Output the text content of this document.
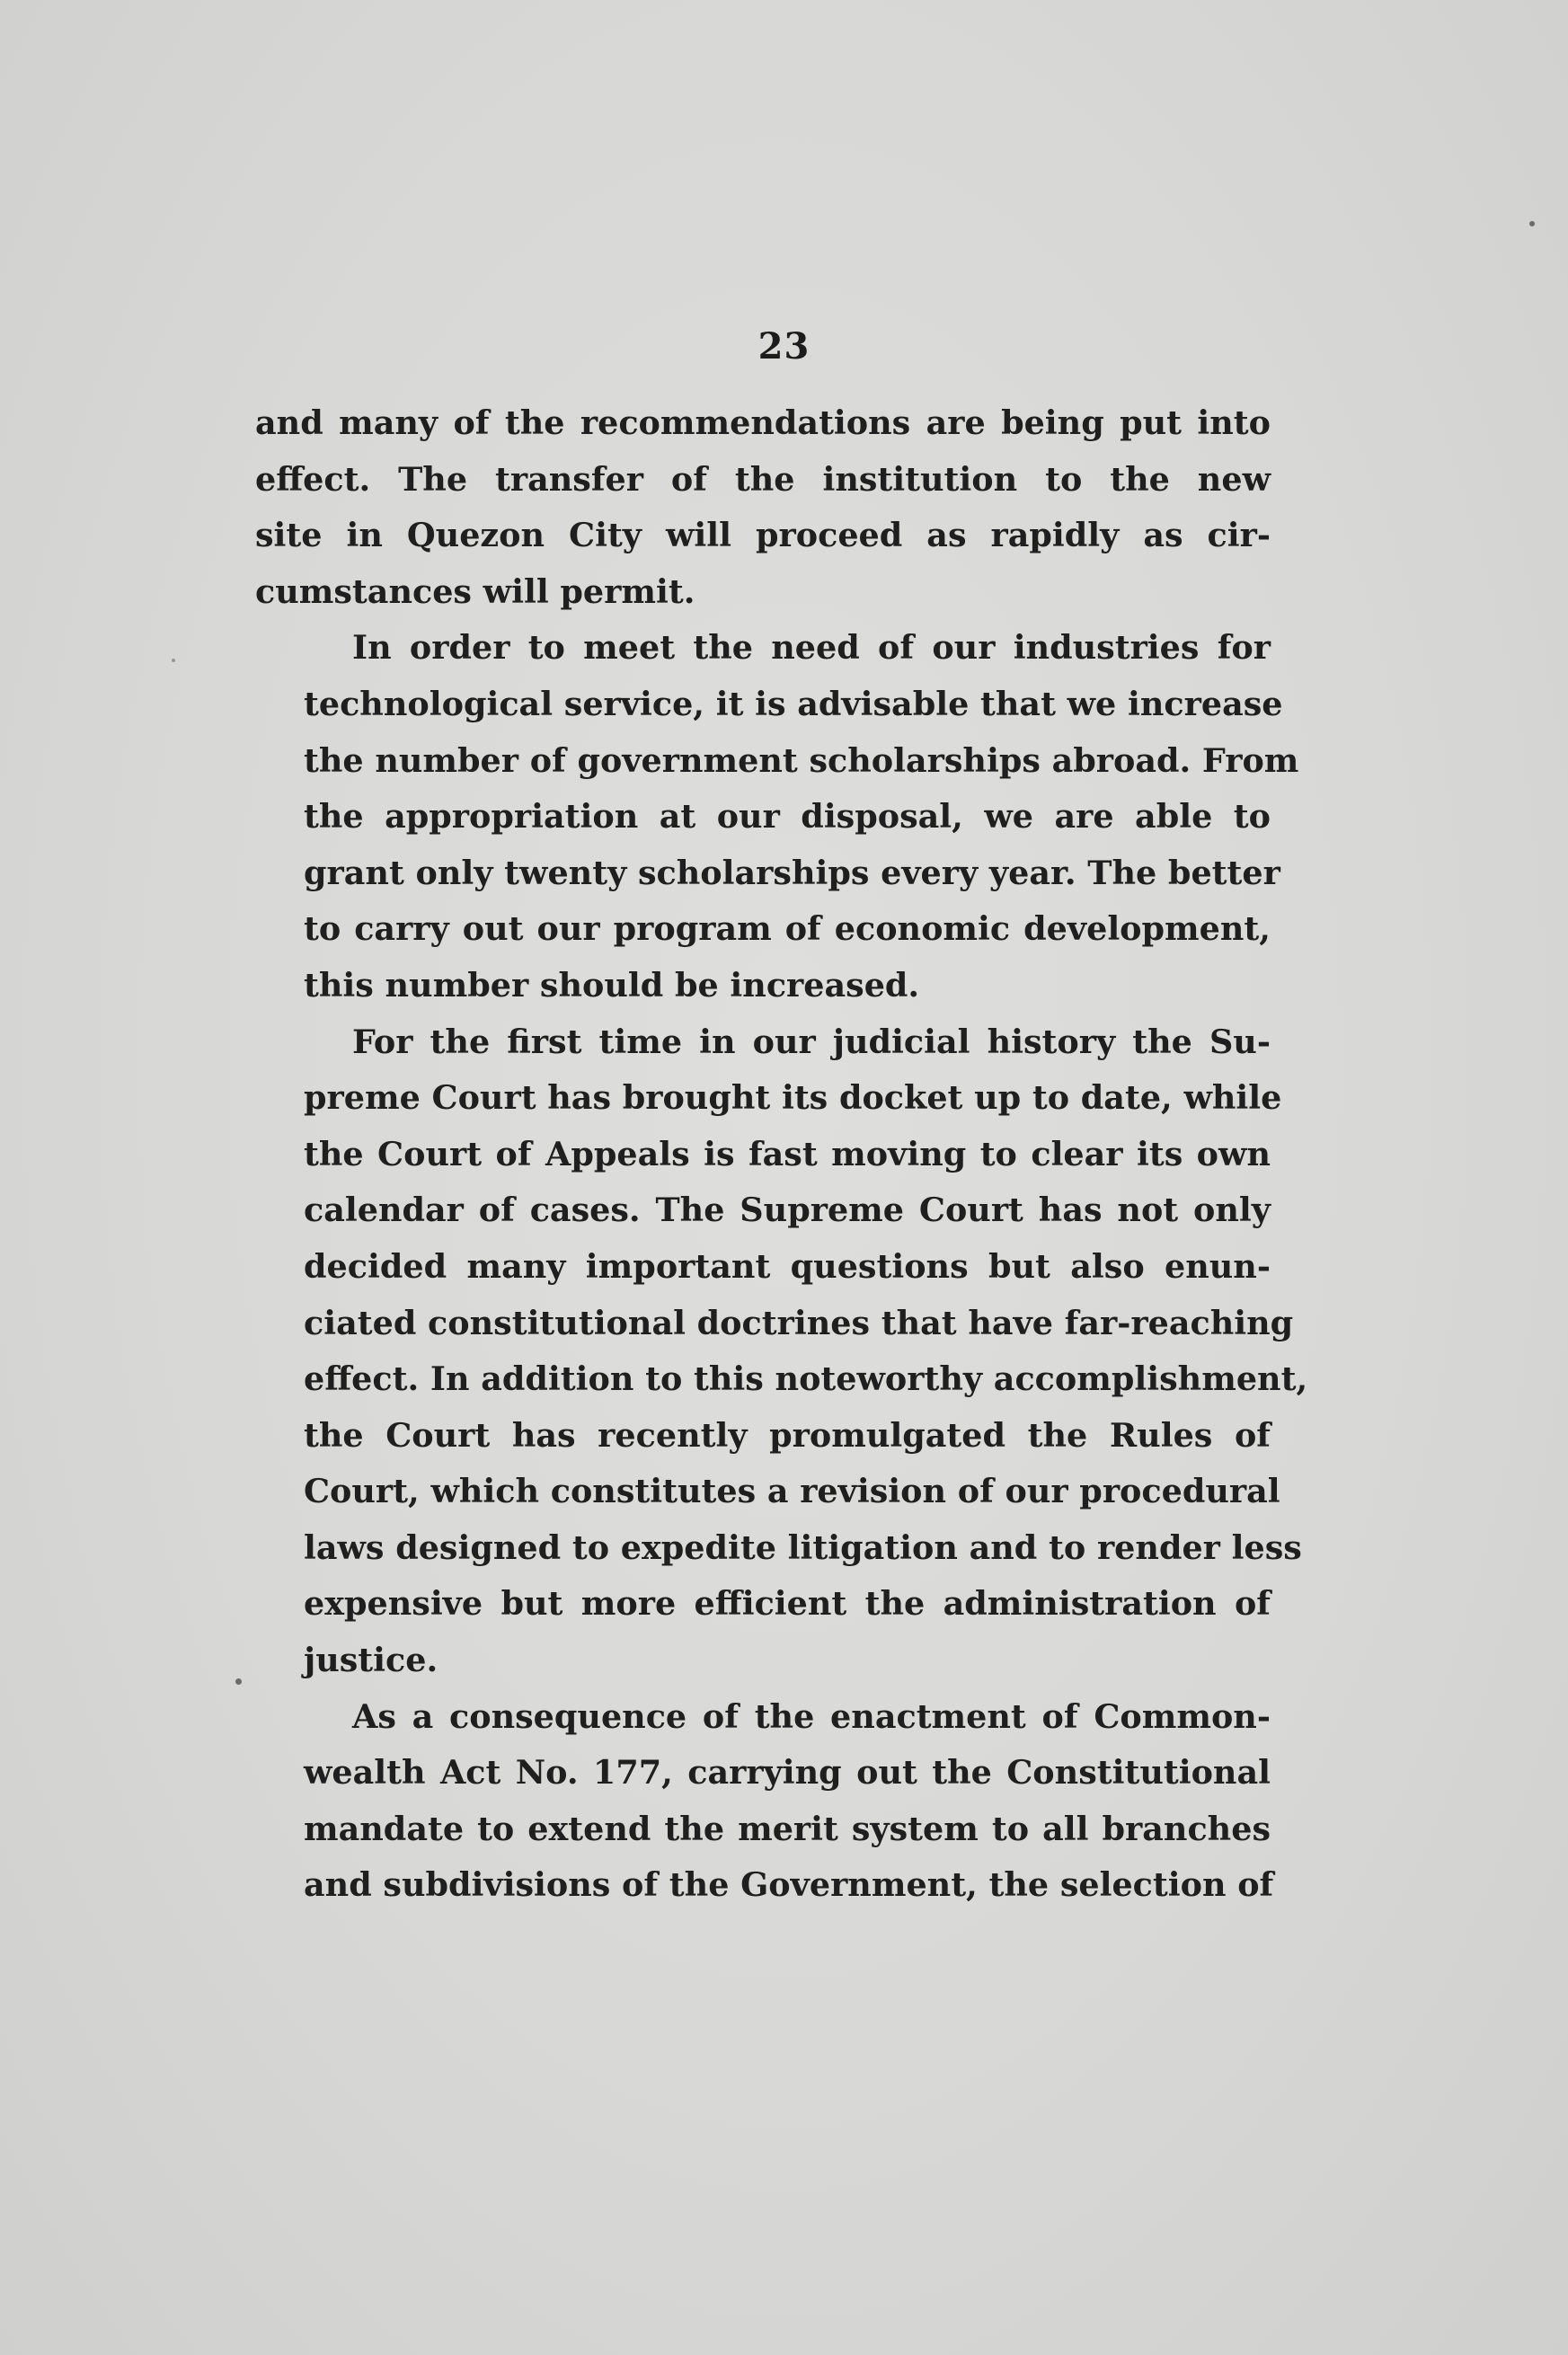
23
and many of the recommendations are being put into
effect. The transfer of the institution to the new
site in Quezon City will proceed as rapidly as cir-
cumstances will permit.
In order to meet the need of our industries for
technological service, it is advisable that we increase
the number of government scholarships abroad. From
the appropriation at our disposal, we are able to
grant only twenty scholarships every year. The better
to carry out our program of economic development,
this number should be increased.
For the first time in our judicial history the Su-
preme Court has brought its docket up to date, while
the Court of Appeals is fast moving to clear its own
calendar of cases. The Supreme Court has not only
decided many important questions but also enun-
ciated constitutional doctrines that have far-reaching
effect. In addition to this noteworthy accomplishment,
the Court has recently promulgated the Rules of
Court, which constitutes a revision of our procedural
laws designed to expedite litigation and to render less
expensive but more efficient the administration of
justice.
As a consequence of the enactment of Common-
wealth Act No. 177, carrying out the Constitutional
mandate to extend the merit system to all branches
and subdivisions of the Government, the selection of
